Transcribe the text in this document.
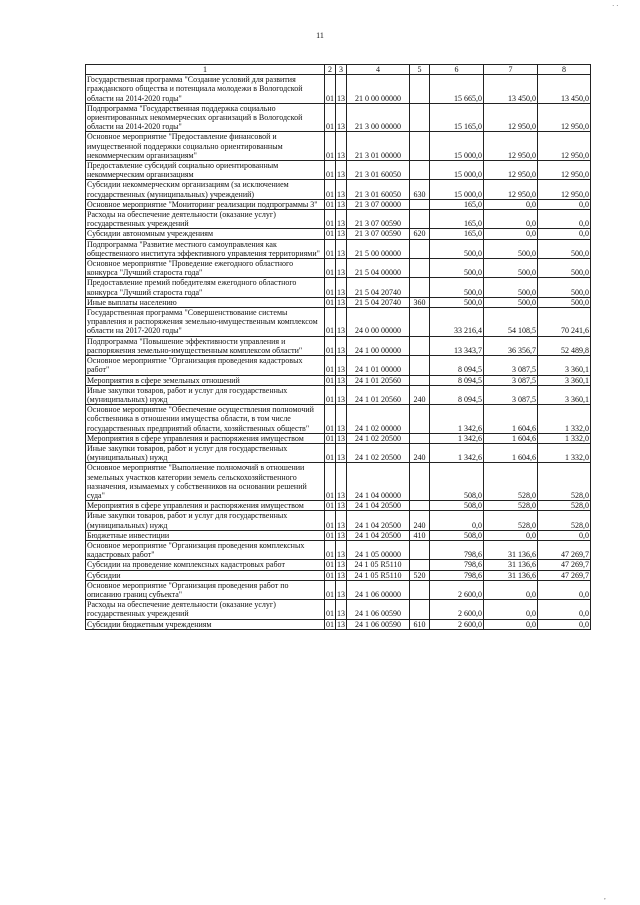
· ·
11
1	2	3	4	5	6	7	8
Государственная программа "Создание условий для развития гражданского общества и потенциала молодежи в Вологодской области на 2014-2020 годы"	01	13	21 0 00 00000		15 665,0	13 450,0	13 450,0
Подпрограмма "Государственная поддержка социально ориентированных некоммерческих организаций в Вологодской области на 2014-2020 годы"	01	13	21 3 00 00000		15 165,0	12 950,0	12 950,0
Основное мероприятие "Предоставление финансовой и имущественной поддержки социально ориентированным некоммерческим организациям"	01	13	21 3 01 00000		15 000,0	12 950,0	12 950,0
Предоставление субсидий социально ориентированным некоммерческим организациям	01	13	21 3 01 60050		15 000,0	12 950,0	12 950,0
Субсидии некоммерческим организациям (за исключением государственных (муниципальных) учреждений)	01	13	21 3 01 60050	630	15 000,0	12 950,0	12 950,0
Основное мероприятие "Мониторинг реализации подпрограммы 3"	01	13	21 3 07 00000		165,0	0,0	0,0
Расходы на обеспечение деятельности (оказание услуг) государственных учреждений	01	13	21 3 07 00590		165,0	0,0	0,0
Субсидии автономным учреждениям	01	13	21 3 07 00590	620	165,0	0,0	0,0
Подпрограмма "Развитие местного самоуправления как общественного института эффективного управления территориями"	01	13	21 5 00 00000		500,0	500,0	500,0
Основное мероприятие "Проведение ежегодного областного конкурса "Лучший староста года"	01	13	21 5 04 00000		500,0	500,0	500,0
Предоставление премий победителям ежегодного областного конкурса "Лучший староста года"	01	13	21 5 04 20740		500,0	500,0	500,0
Иные выплаты населению	01	13	21 5 04 20740	360	500,0	500,0	500,0
Государственная программа "Совершенствование системы управления и распоряжения земельно-имущественным комплексом области на 2017-2020 годы"	01	13	24 0 00 00000		33 216,4	54 108,5	70 241,6
Подпрограмма "Повышение эффективности управления и распоряжения земельно-имущественным комплексом области"	01	13	24 1 00 00000		13 343,7	36 356,7	52 489,8
Основное мероприятие "Организация проведения кадастровых работ"	01	13	24 1 01 00000		8 094,5	3 087,5	3 360,1
Мероприятия в сфере земельных отношений	01	13	24 1 01 20560		8 094,5	3 087,5	3 360,1
Иные закупки товаров, работ и услуг для государственных (муниципальных) нужд	01	13	24 1 01 20560	240	8 094,5	3 087,5	3 360,1
Основное мероприятие "Обеспечение осуществления полномочий собственника в отношении имущества области, в том числе государственных предприятий области, хозяйственных обществ"	01	13	24 1 02 00000		1 342,6	1 604,6	1 332,0
Мероприятия в сфере управления и распоряжения имуществом	01	13	24 1 02 20500		1 342,6	1 604,6	1 332,0
Иные закупки товаров, работ и услуг для государственных (муниципальных) нужд	01	13	24 1 02 20500	240	1 342,6	1 604,6	1 332,0
Основное мероприятие "Выполнение полномочий в отношении земельных участков категории земель сельскохозяйственного назначения, изымаемых у собственников на основании решений суда"	01	13	24 1 04 00000		508,0	528,0	528,0
Мероприятия в сфере управления и распоряжения имуществом	01	13	24 1 04 20500		508,0	528,0	528,0
Иные закупки товаров, работ и услуг для государственных (муниципальных) нужд	01	13	24 1 04 20500	240	0,0	528,0	528,0
Бюджетные инвестиции	01	13	24 1 04 20500	410	508,0	0,0	0,0
Основное мероприятие "Организация проведения комплексных кадастровых работ"	01	13	24 1 05 00000		798,6	31 136,6	47 269,7
Субсидии на проведение комплексных кадастровых работ	01	13	24 1 05 R5110		798,6	31 136,6	47 269,7
Субсидии	01	13	24 1 05 R5110	520	798,6	31 136,6	47 269,7
Основное мероприятие "Организация проведения работ по описанию границ субъекта"	01	13	24 1 06 00000		2 600,0	0,0	0,0
Расходы на обеспечение деятельности (оказание услуг) государственных учреждений	01	13	24 1 06 00590		2 600,0	0,0	0,0
Субсидии бюджетным учреждениям	01	13	24 1 06 00590	610	2 600,0	0,0	0,0
,
